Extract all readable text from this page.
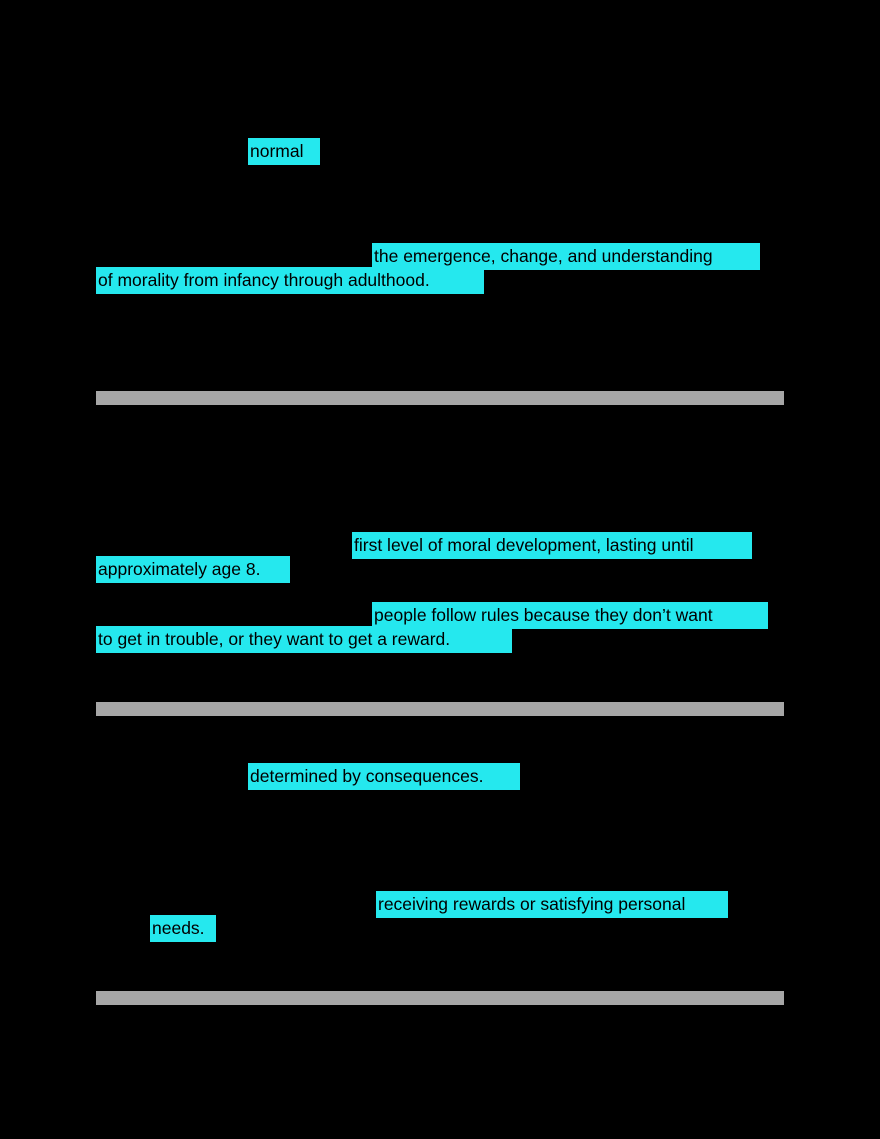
normal
the emergence, change, and understanding
of morality from infancy through adulthood.
first level of moral development, lasting until
approximately age 8.
people follow rules because they don’t want
to get in trouble, or they want to get a reward.
determined by consequences.
receiving rewards or satisfying personal
needs.
